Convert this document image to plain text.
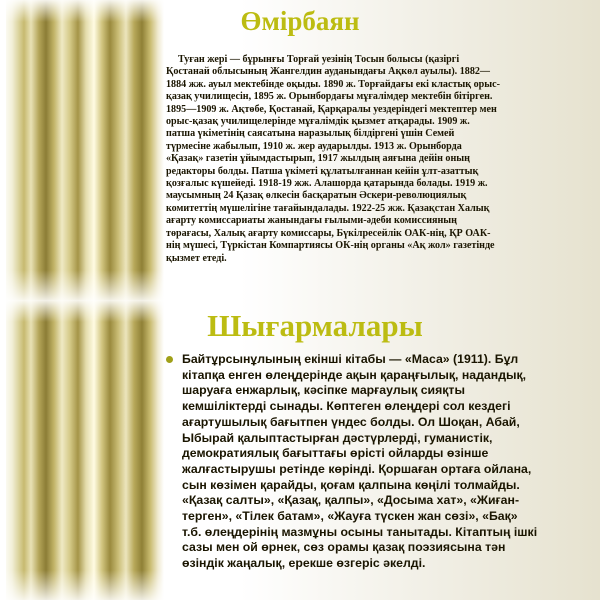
Өмірбаян

Туған жері — бұрынғы Торғай уезінің Тосын болысы (қазіргі Қостанай облысының Жангелдин ауданындағы Ақкөл ауылы). 1882—1884 жж. ауыл мектебінде оқыды. 1890 ж. Торғайдағы екі кластық орыс-қазақ училищесін, 1895 ж. Орынбордағы мұғалімдер мектебін бітірген. 1895—1909 ж. Ақтөбе, Қостанай, Қарқаралы уездеріндегі мектептер мен орыс-қазақ училищелерінде мұғалімдік қызмет атқарады. 1909 ж. патша үкіметінің саясатына наразылық білдіргені үшін Семей түрмесіне жабылып, 1910 ж. жер аударылды. 1913 ж. Орынборда «Қазақ» газетін ұйымдастырып, 1917 жылдың аяғына дейін оның редакторы болды. Патша үкіметі құлатылғаннан кейін ұлт-азаттық қозғалыс күшейеді. 1918-19 жж. Алашорда қатарында болады. 1919 ж. маусымның 24 Қазақ өлкесін басқаратын Әскери-революциялық комитеттің мүшелігіне тағайындалады. 1922-25 жж. Қазақстан Халық ағарту комиссариаты жанындағы ғылыми-әдеби комиссияның төрағасы, Халық ағарту комиссары, Бүкілресейлік ОАК-нің, ҚР ОАК-нің мүшесі, Түркістан Компартиясы ОК-нің органы «Ақ жол» газетінде қызмет етеді.

Шығармалары

Байтұрсынұлының екінші кітабы — «Маса» (1911). Бұл кітапқа енген өлеңдерінде ақын қараңғылық, надандық, шаруаға енжарлық, кәсіпке марғаулық сияқты кемшіліктерді сынады. Көптеген өлеңдері сол кездегі ағартушылық бағытпен үндес болды. Ол Шоқан, Абай, Ыбырай қалыптастырған дәстүрлерді, гуманистік, демократиялық бағыттағы өрісті ойларды өзінше жалғастырушы ретінде көрінді. Қоршаған ортаға ойлана, сын көзімен қарайды, қоғам қалпына көңілі толмайды. «Қазақ салты», «Қазақ, қалпы», «Досыма хат», «Жиған-терген», «Тілек батам», «Жауға түскен жан сөзі», «Бақ» т.б. өлеңдерінің мазмұны осыны танытады. Кітаптың ішкі сазы мен ой өрнек, сөз орамы қазақ поэзиясына тән өзіндік жаңалық, ерекше өзгеріс әкелді.
